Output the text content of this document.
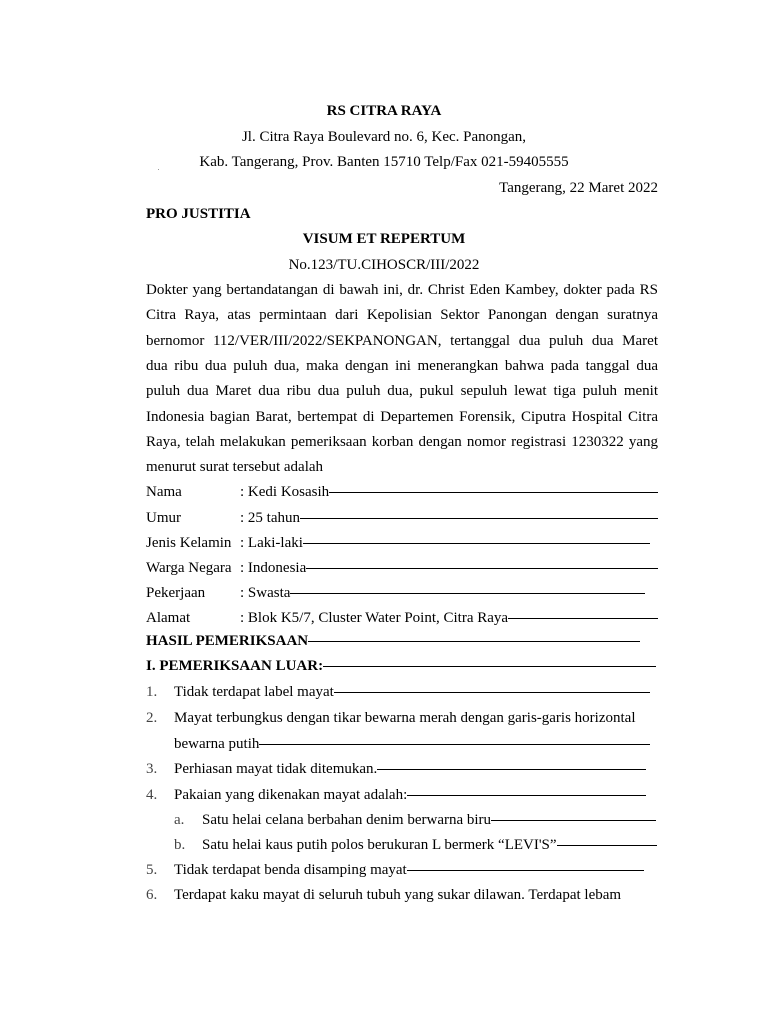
RS CITRA RAYA
Jl. Citra Raya Boulevard no. 6, Kec. Panongan,
Kab. Tangerang, Prov. Banten 15710 Telp/Fax 021-59405555
Tangerang, 22 Maret 2022
PRO JUSTITIA
VISUM ET REPERTUM
No.123/TU.CIHOSCR/III/2022
Dokter yang bertandatangan di bawah ini, dr. Christ Eden Kambey, dokter pada RS
Citra Raya, atas permintaan dari Kepolisian Sektor Panongan dengan suratnya
bernomor 112/VER/III/2022/SEKPANONGAN, tertanggal dua puluh dua Maret
dua ribu dua puluh dua, maka dengan ini menerangkan bahwa pada tanggal dua
puluh dua Maret dua ribu dua puluh dua, pukul sepuluh lewat tiga puluh menit
Indonesia bagian Barat, bertempat di Departemen Forensik, Ciputra Hospital Citra
Raya, telah melakukan pemeriksaan korban dengan nomor registrasi 1230322 yang
menurut surat tersebut adalah
Nama	: Kedi Kosasih
Umur	: 25 tahun
Jenis Kelamin : Laki-laki
Warga Negara : Indonesia
Pekerjaan : Swasta
Alamat	: Blok K5/7, Cluster Water Point, Citra Raya
HASIL PEMERIKSAAN
I. PEMERIKSAAN LUAR:
1.	Tidak terdapat label mayat
2.	Mayat terbungkus dengan tikar bewarna merah dengan garis-garis horizontal
bewarna putih
3.	Perhiasan mayat tidak ditemukan.
4.	Pakaian yang dikenakan mayat adalah:
a.	Satu helai celana berbahan denim berwarna biru
b.	Satu helai kaus putih polos berukuran L bermerk “LEVI'S”
5.	Tidak terdapat benda disamping mayat
6.	Terdapat kaku mayat di seluruh tubuh yang sukar dilawan. Terdapat lebam
